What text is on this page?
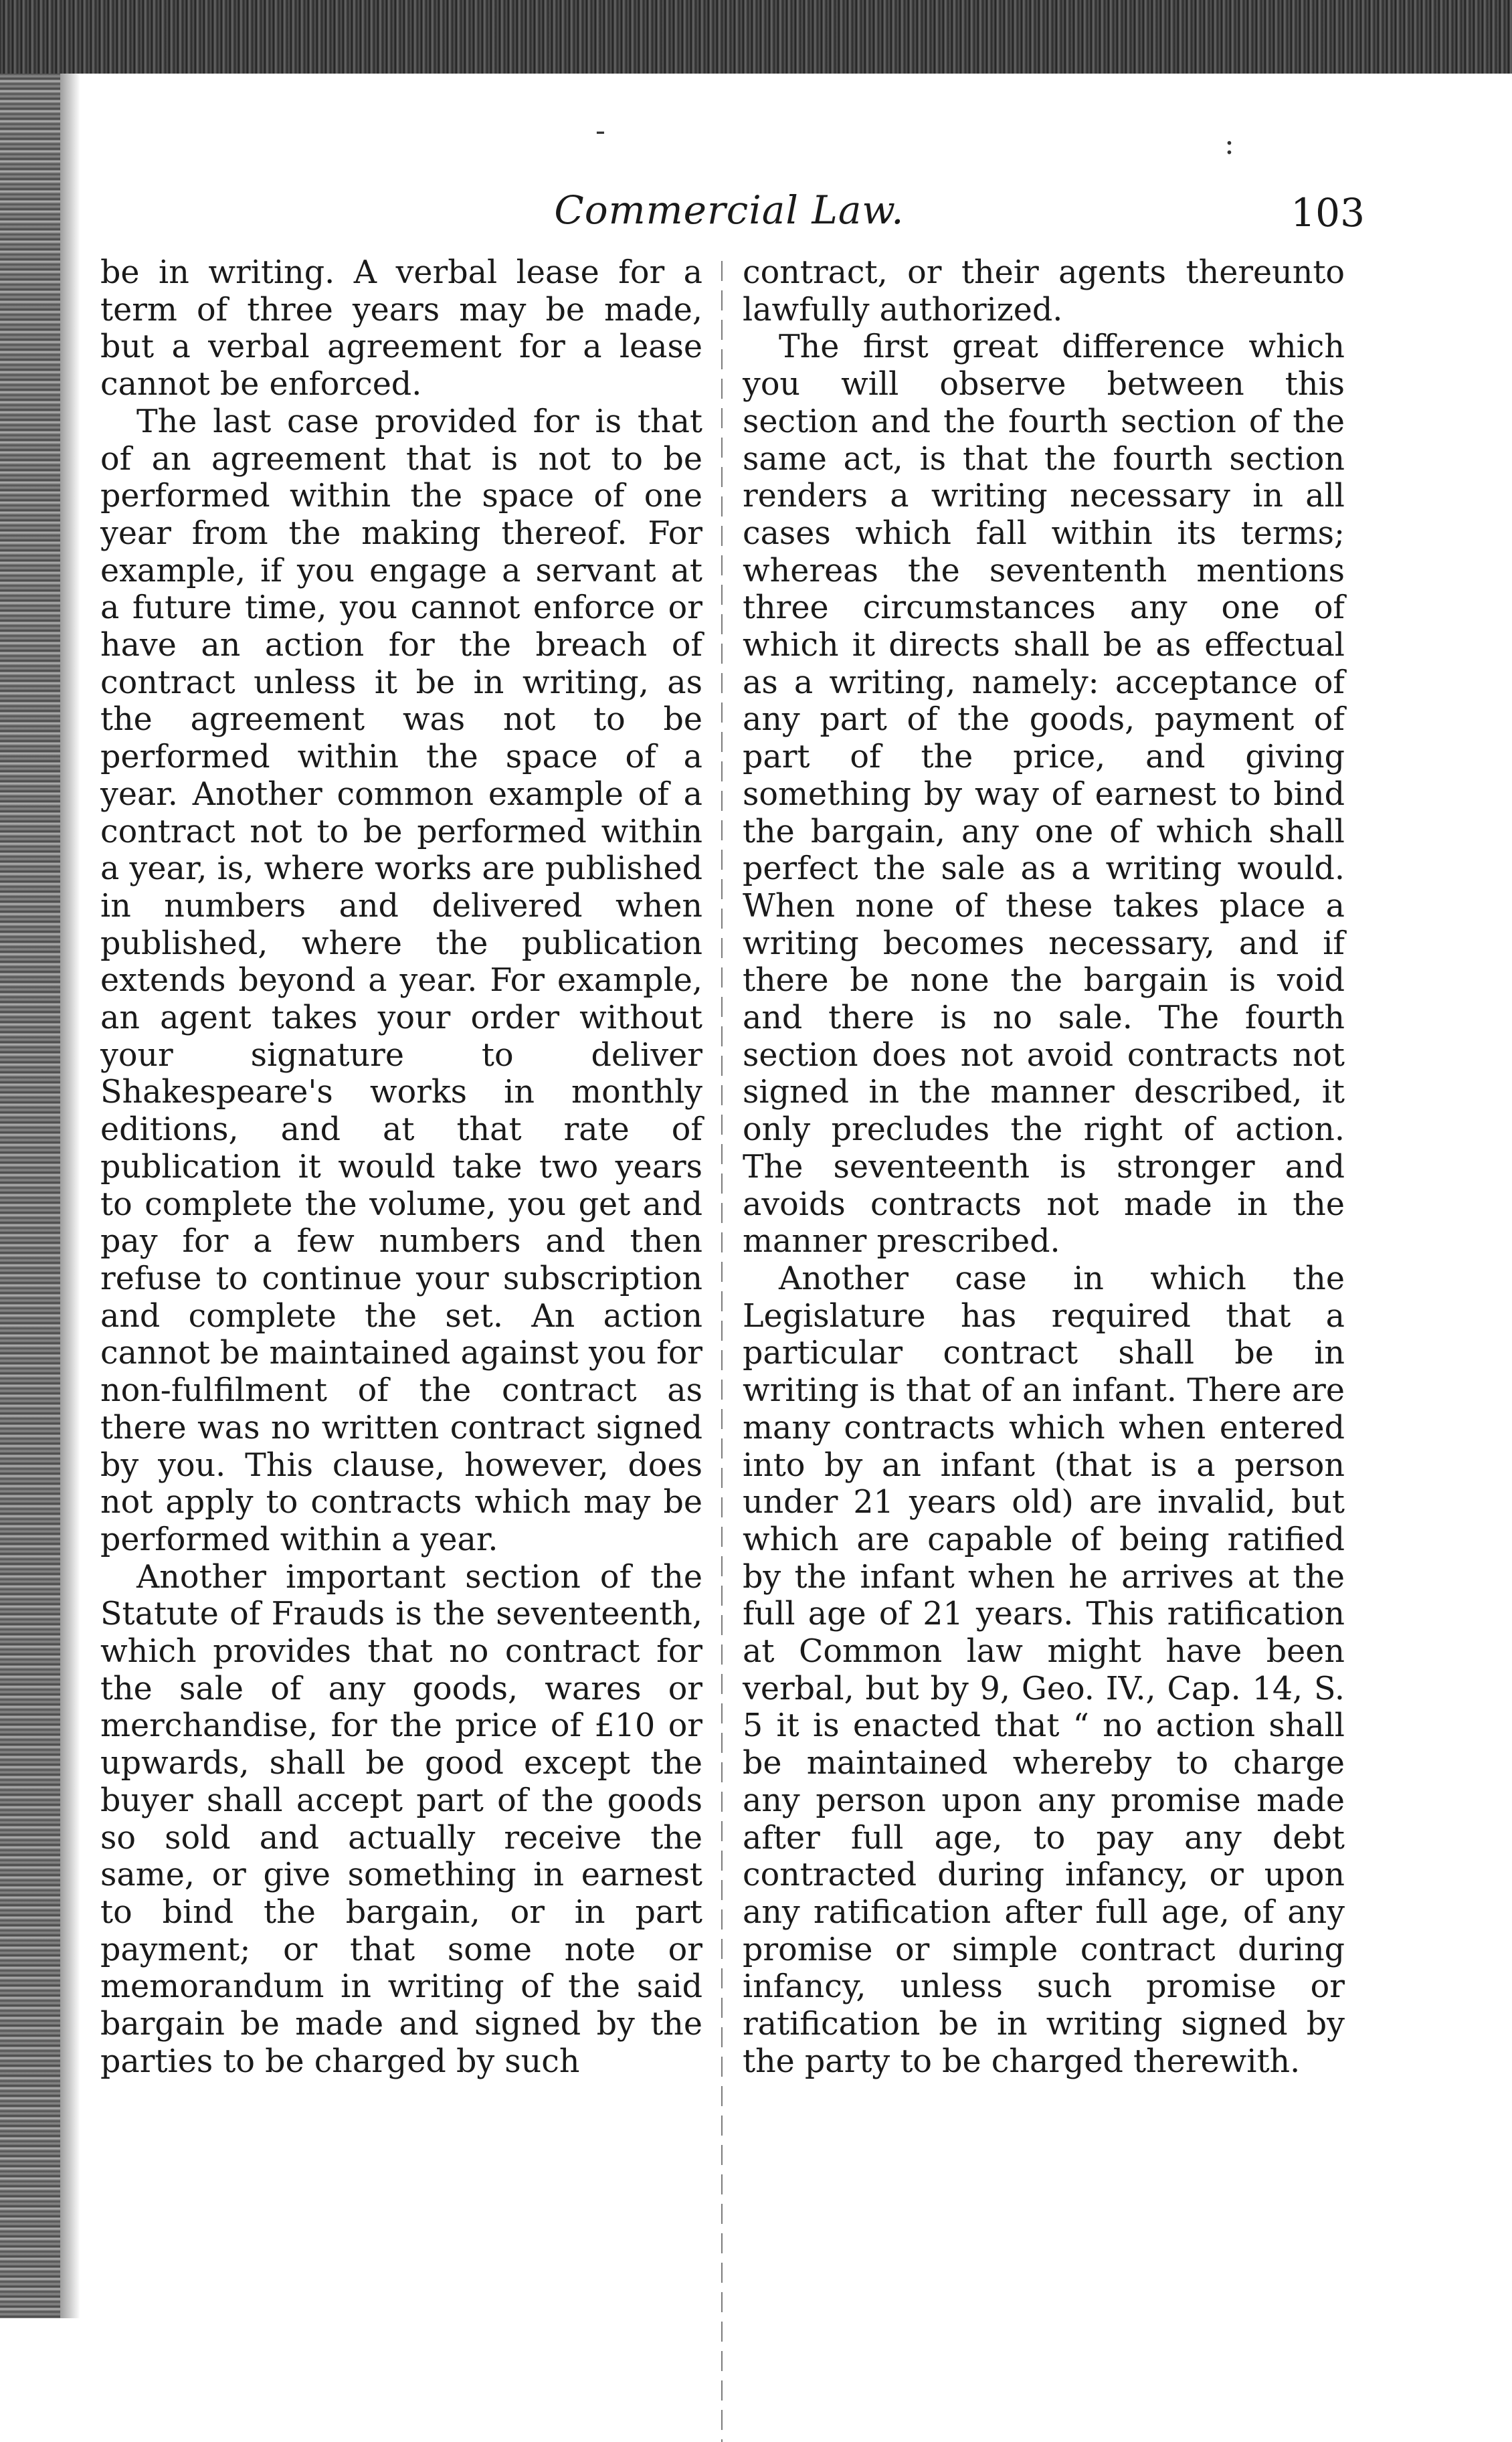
-	:
Commercial Law.	103

be in writing. A verbal lease for a term of three years may be made, but a verbal agreement for a lease cannot be enforced.

The last case provided for is that of an agreement that is not to be performed within the space of one year from the making thereof. For example, if you engage a servant at a future time, you cannot enforce or have an action for the breach of contract unless it be in writing, as the agreement was not to be performed within the space of a year. Another common example of a contract not to be performed within a year, is, where works are published in numbers and delivered when published, where the publication extends beyond a year. For example, an agent takes your order without your signature to deliver Shakespeare's works in monthly editions, and at that rate of publication it would take two years to complete the volume, you get and pay for a few numbers and then refuse to continue your subscription and complete the set. An action cannot be maintained against you for non-fulfilment of the contract as there was no written contract signed by you. This clause, however, does not apply to contracts which may be performed within a year.

Another important section of the Statute of Frauds is the seventeenth, which provides that no contract for the sale of any goods, wares or merchandise, for the price of £10 or upwards, shall be good except the buyer shall accept part of the goods so sold and actually receive the same, or give something in earnest to bind the bargain, or in part payment; or that some note or memorandum in writing of the said bargain be made and signed by the parties to be charged by such

contract, or their agents thereunto lawfully authorized.

The first great difference which you will observe between this section and the fourth section of the same act, is that the fourth section renders a writing necessary in all cases which fall within its terms; whereas the sevententh mentions three circumstances any one of which it directs shall be as effectual as a writing, namely: acceptance of any part of the goods, payment of part of the price, and giving something by way of earnest to bind the bargain, any one of which shall perfect the sale as a writing would. When none of these takes place a writing becomes necessary, and if there be none the bargain is void and there is no sale. The fourth section does not avoid contracts not signed in the manner described, it only precludes the right of action. The seventeenth is stronger and avoids contracts not made in the manner prescribed.

Another case in which the Legislature has required that a particular contract shall be in writing is that of an infant. There are many contracts which when entered into by an infant (that is a person under 21 years old) are invalid, but which are capable of being ratified by the infant when he arrives at the full age of 21 years. This ratification at Common law might have been verbal, but by 9, Geo. IV., Cap. 14, S. 5 it is enacted that “ no action shall be maintained whereby to charge any person upon any promise made after full age, to pay any debt contracted during infancy, or upon any ratification after full age, of any promise or simple contract during infancy, unless such promise or ratification be in writing signed by the party to be charged therewith.
